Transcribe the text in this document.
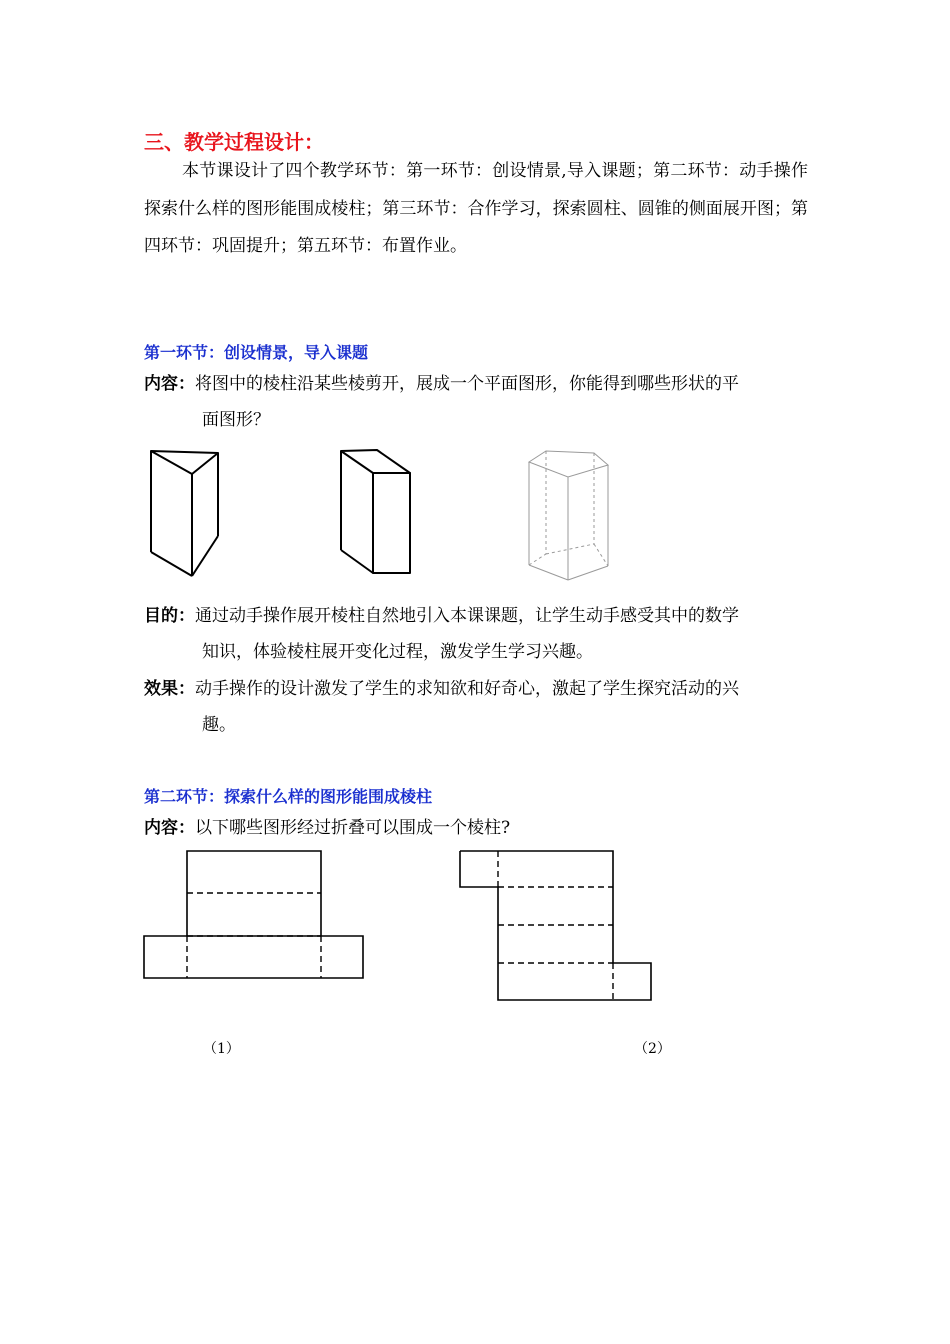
三、教学过程设计：
本节课设计了四个教学环节：第一环节：创设情景,导入课题；第二环节：动手操作探索什么样的图形能围成棱柱；第三环节：合作学习，探索圆柱、圆锥的侧面展开图；第四环节：巩固提升；第五环节：布置作业。
第一环节：创设情景，导入课题
内容：将图中的棱柱沿某些棱剪开，展成一个平面图形，你能得到哪些形状的平
面图形？
目的：通过动手操作展开棱柱自然地引入本课课题，让学生动手感受其中的数学
知识，体验棱柱展开变化过程，激发学生学习兴趣。
效果：动手操作的设计激发了学生的求知欲和好奇心，激起了学生探究活动的兴
趣。
第二环节：探索什么样的图形能围成棱柱
内容：以下哪些图形经过折叠可以围成一个棱柱?
（1）	（2）
